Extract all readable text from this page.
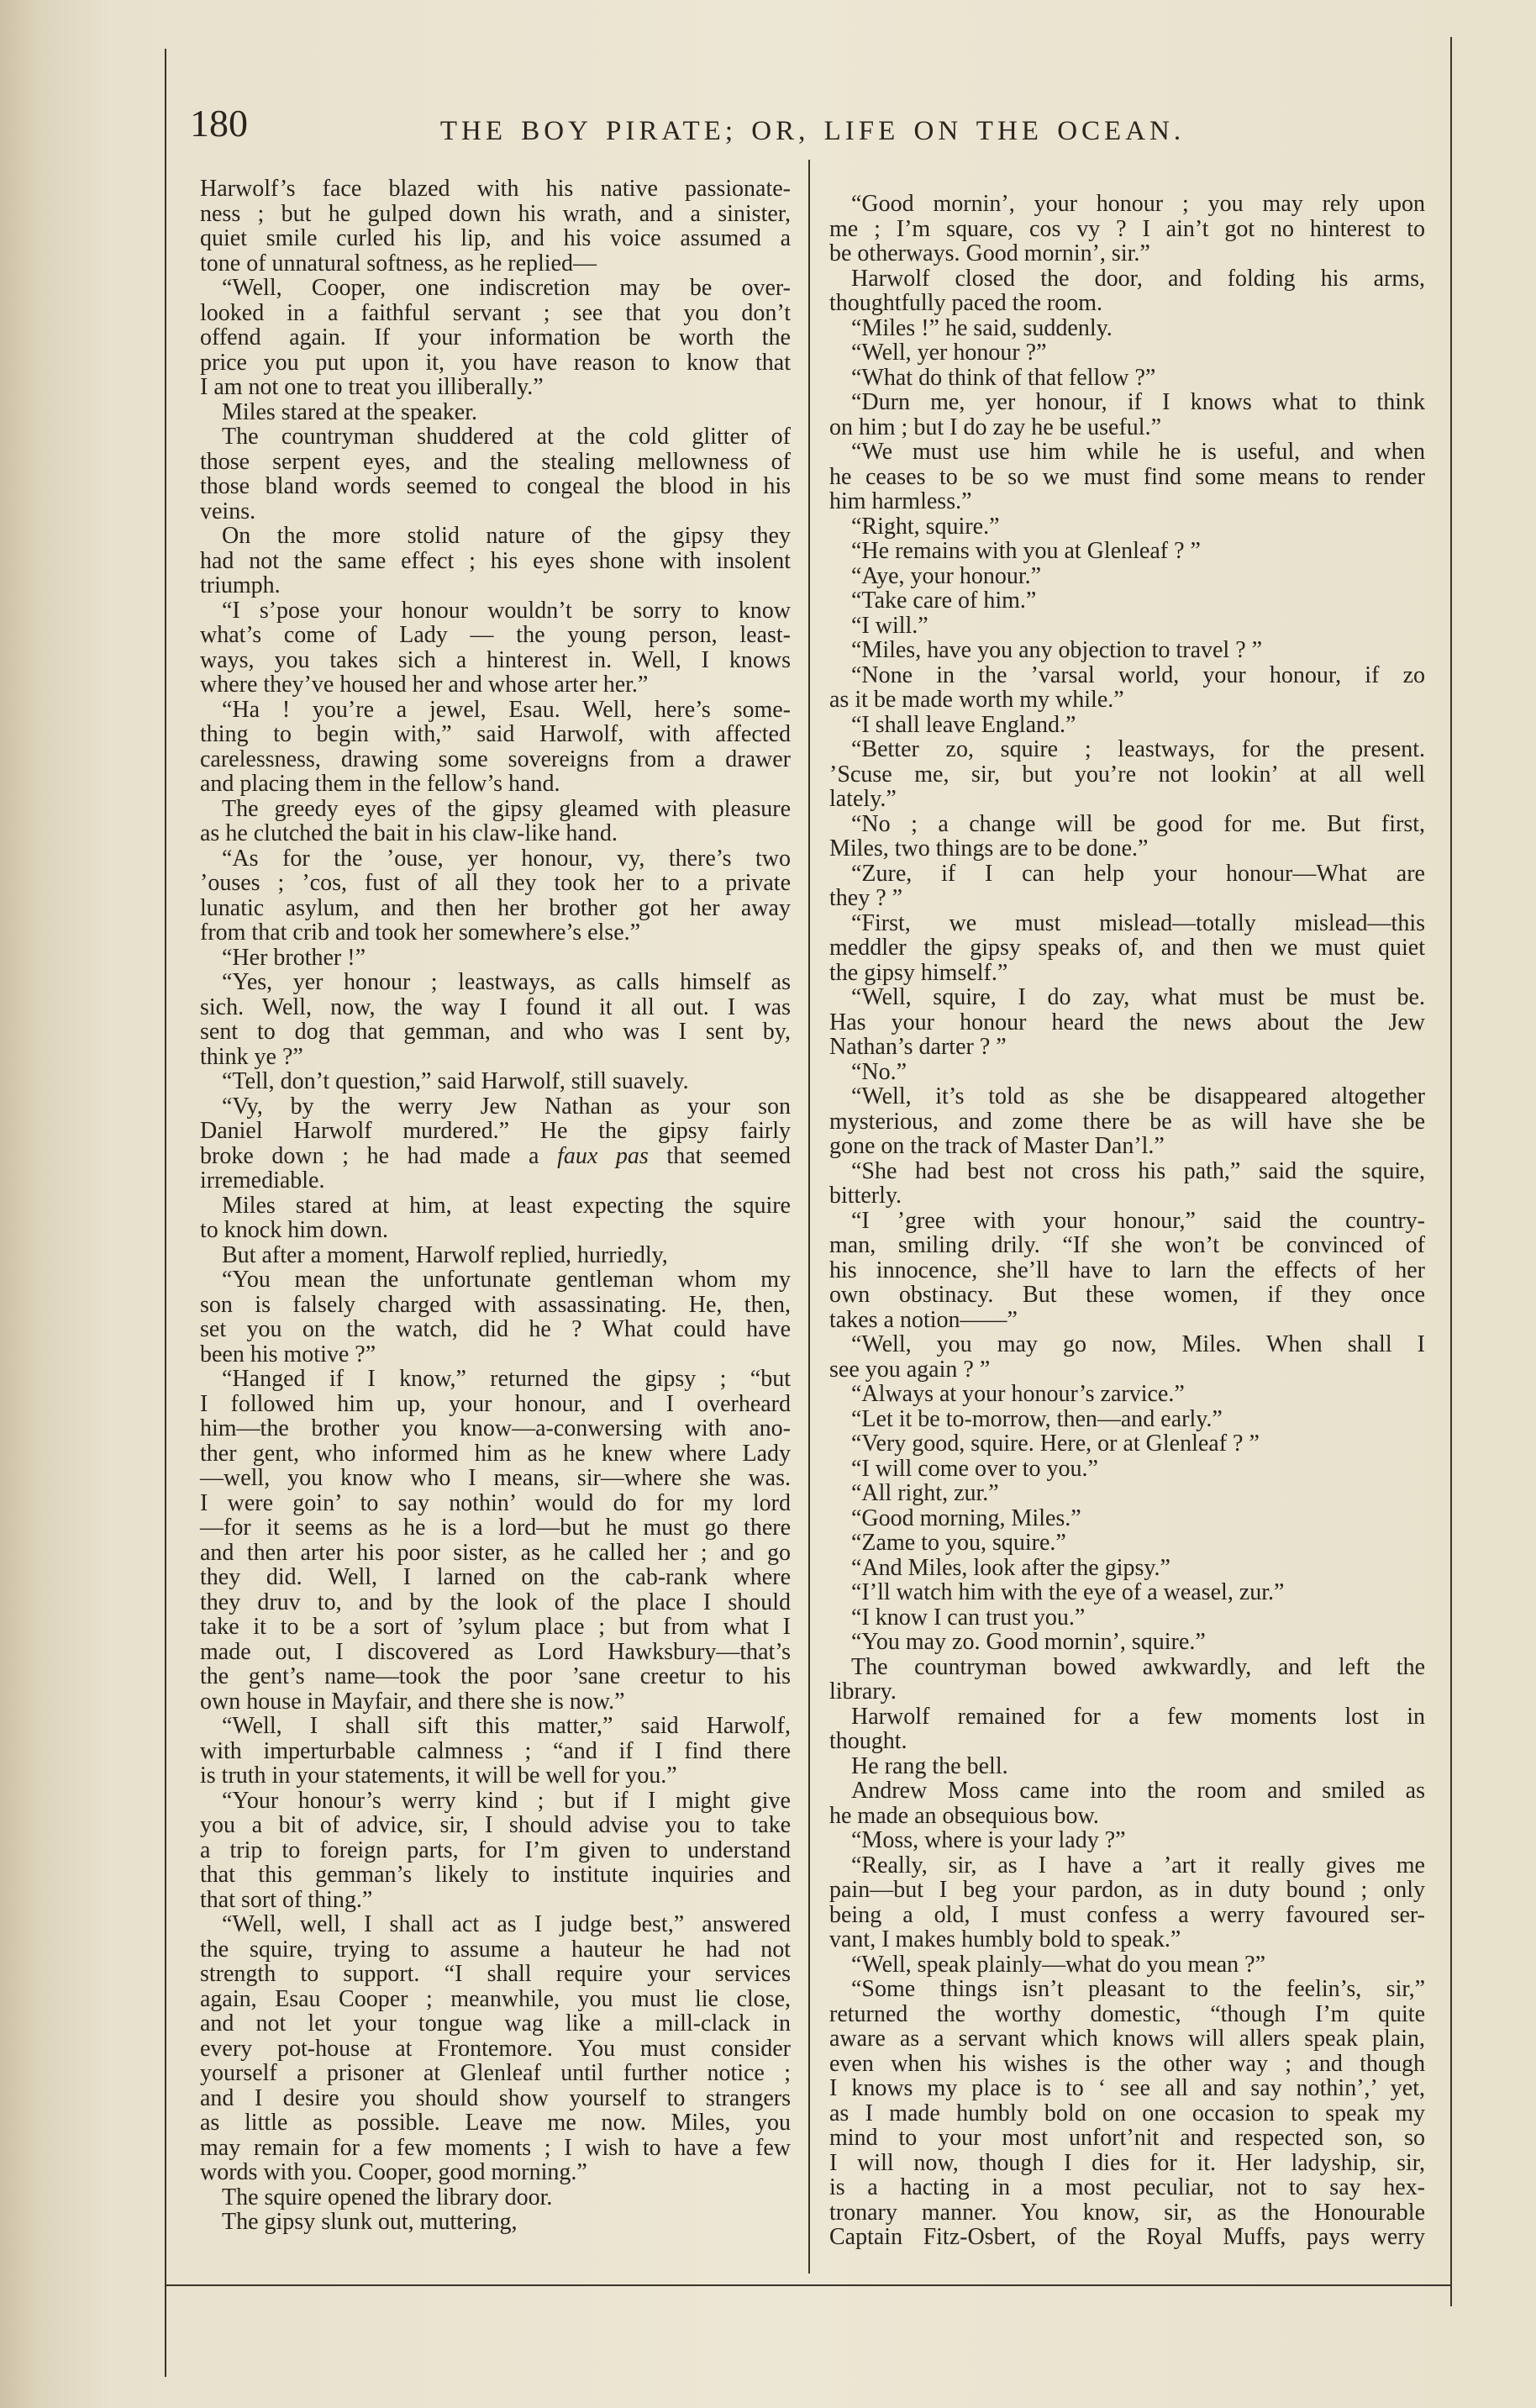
180	THE BOY PIRATE; OR, LIFE ON THE OCEAN.
Harwolf’s face blazed with his native passionate-
ness ; but he gulped down his wrath, and a sinister,
quiet smile curled his lip, and his voice assumed a
tone of unnatural softness, as he replied—
“Well, Cooper, one indiscretion may be over-
looked in a faithful servant ; see that you don’t
offend again. If your information be worth the
price you put upon it, you have reason to know that
I am not one to treat you illiberally.”
Miles stared at the speaker.
The countryman shuddered at the cold glitter of
those serpent eyes, and the stealing mellowness of
those bland words seemed to congeal the blood in his
veins.
On the more stolid nature of the gipsy they
had not the same effect ; his eyes shone with insolent
triumph.
“I s’pose your honour wouldn’t be sorry to know
what’s come of Lady — the young person, least-
ways, you takes sich a hinterest in. Well, I knows
where they’ve housed her and whose arter her.”
“Ha ! you’re a jewel, Esau. Well, here’s some-
thing to begin with,” said Harwolf, with affected
carelessness, drawing some sovereigns from a drawer
and placing them in the fellow’s hand.
The greedy eyes of the gipsy gleamed with pleasure
as he clutched the bait in his claw-like hand.
“As for the ’ouse, yer honour, vy, there’s two
’ouses ; ’cos, fust of all they took her to a private
lunatic asylum, and then her brother got her away
from that crib and took her somewhere’s else.”
“Her brother !”
“Yes, yer honour ; leastways, as calls himself as
sich. Well, now, the way I found it all out. I was
sent to dog that gemman, and who was I sent by,
think ye ?”
“Tell, don’t question,” said Harwolf, still suavely.
“Vy, by the werry Jew Nathan as your son
Daniel Harwolf murdered.” He the gipsy fairly
broke down ; he had made a faux pas that seemed
irremediable.
Miles stared at him, at least expecting the squire
to knock him down.
But after a moment, Harwolf replied, hurriedly,
“You mean the unfortunate gentleman whom my
son is falsely charged with assassinating. He, then,
set you on the watch, did he ? What could have
been his motive ?”
“Hanged if I know,” returned the gipsy ; “but
I followed him up, your honour, and I overheard
him—the brother you know—a-conwersing with ano-
ther gent, who informed him as he knew where Lady
—well, you know who I means, sir—where she was.
I were goin’ to say nothin’ would do for my lord
—for it seems as he is a lord—but he must go there
and then arter his poor sister, as he called her ; and go
they did. Well, I larned on the cab-rank where
they druv to, and by the look of the place I should
take it to be a sort of ’sylum place ; but from what I
made out, I discovered as Lord Hawksbury—that’s
the gent’s name—took the poor ’sane creetur to his
own house in Mayfair, and there she is now.”
“Well, I shall sift this matter,” said Harwolf,
with imperturbable calmness ; “and if I find there
is truth in your statements, it will be well for you.”
“Your honour’s werry kind ; but if I might give
you a bit of advice, sir, I should advise you to take
a trip to foreign parts, for I’m given to understand
that this gemman’s likely to institute inquiries and
that sort of thing.”
“Well, well, I shall act as I judge best,” answered
the squire, trying to assume a hauteur he had not
strength to support. “I shall require your services
again, Esau Cooper ; meanwhile, you must lie close,
and not let your tongue wag like a mill-clack in
every pot-house at Frontemore. You must consider
yourself a prisoner at Glenleaf until further notice ;
and I desire you should show yourself to strangers
as little as possible. Leave me now. Miles, you
may remain for a few moments ; I wish to have a few
words with you. Cooper, good morning.”
The squire opened the library door.
The gipsy slunk out, muttering,
“Good mornin’, your honour ; you may rely upon
me ; I’m square, cos vy ? I ain’t got no hinterest to
be otherways. Good mornin’, sir.”
Harwolf closed the door, and folding his arms,
thoughtfully paced the room.
“Miles !” he said, suddenly.
“Well, yer honour ?”
“What do think of that fellow ?”
“Durn me, yer honour, if I knows what to think
on him ; but I do zay he be useful.”
“We must use him while he is useful, and when
he ceases to be so we must find some means to render
him harmless.”
“Right, squire.”
“He remains with you at Glenleaf ? ”
“Aye, your honour.”
“Take care of him.”
“I will.”
“Miles, have you any objection to travel ? ”
“None in the ’varsal world, your honour, if zo
as it be made worth my while.”
“I shall leave England.”
“Better zo, squire ; leastways, for the present.
’Scuse me, sir, but you’re not lookin’ at all well
lately.”
“No ; a change will be good for me. But first,
Miles, two things are to be done.”
“Zure, if I can help your honour—What are
they ? ”
“First, we must mislead—totally mislead—this
meddler the gipsy speaks of, and then we must quiet
the gipsy himself.”
“Well, squire, I do zay, what must be must be.
Has your honour heard the news about the Jew
Nathan’s darter ? ”
“No.”
“Well, it’s told as she be disappeared altogether
mysterious, and zome there be as will have she be
gone on the track of Master Dan’l.”
“She had best not cross his path,” said the squire,
bitterly.
“I ’gree with your honour,” said the country-
man, smiling drily. “If she won’t be convinced of
his innocence, she’ll have to larn the effects of her
own obstinacy. But these women, if they once
takes a notion——”
“Well, you may go now, Miles. When shall I
see you again ? ”
“Always at your honour’s zarvice.”
“Let it be to-morrow, then—and early.”
“Very good, squire. Here, or at Glenleaf ? ”
“I will come over to you.”
“All right, zur.”
“Good morning, Miles.”
“Zame to you, squire.”
“And Miles, look after the gipsy.”
“I’ll watch him with the eye of a weasel, zur.”
“I know I can trust you.”
“You may zo. Good mornin’, squire.”
The countryman bowed awkwardly, and left the
library.
Harwolf remained for a few moments lost in
thought.
He rang the bell.
Andrew Moss came into the room and smiled as
he made an obsequious bow.
“Moss, where is your lady ?”
“Really, sir, as I have a ’art it really gives me
pain—but I beg your pardon, as in duty bound ; only
being a old, I must confess a werry favoured ser-
vant, I makes humbly bold to speak.”
“Well, speak plainly—what do you mean ?”
“Some things isn’t pleasant to the feelin’s, sir,”
returned the worthy domestic, “though I’m quite
aware as a servant which knows will allers speak plain,
even when his wishes is the other way ; and though
I knows my place is to ‘ see all and say nothin’,’ yet,
as I made humbly bold on one occasion to speak my
mind to your most unfort’nit and respected son, so
I will now, though I dies for it. Her ladyship, sir,
is a hacting in a most peculiar, not to say hex-
tronary manner. You know, sir, as the Honourable
Captain Fitz-Osbert, of the Royal Muffs, pays werry
